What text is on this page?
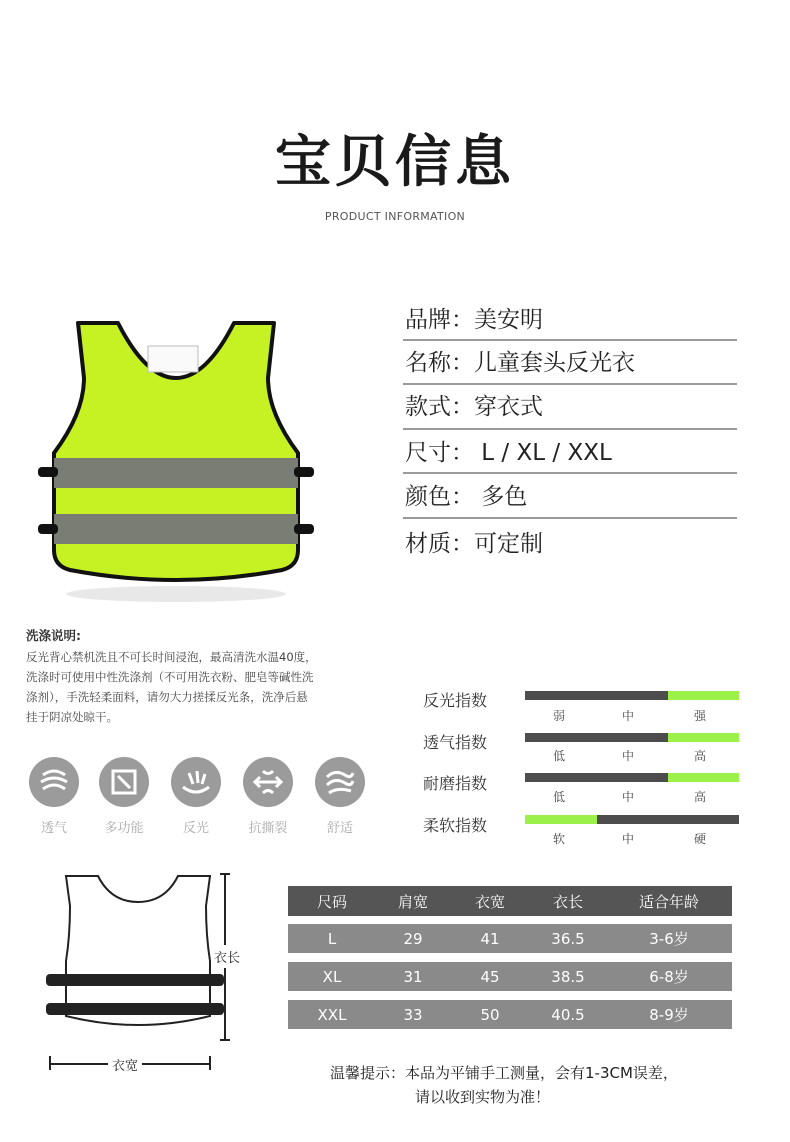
宝贝信息
PRODUCT INFORMATION
品牌：美安明
名称：儿童套头反光衣
款式：穿衣式
尺寸： L / XL / XXL
颜色： 多色
材质：可定制
洗涤说明:
反光背心禁机洗且不可长时间浸泡，最高清洗水温40度，
洗涤时可使用中性洗涤剂（不可用洗衣粉、肥皂等碱性洗
涤剂），手洗轻柔面料，请勿大力搓揉反光条，洗净后悬
挂于阴凉处晾干。
透气	多功能	反光	抗撕裂	舒适
反光指数
弱	中	强
透气指数
低	中	高
耐磨指数
低	中	高
柔软指数
软	中	硬
衣长
衣宽
尺码	肩宽	衣宽	衣长	适合年龄
L	29	41	36.5	3-6岁
XL	31	45	38.5	6-8岁
XXL	33	50	40.5	8-9岁
温馨提示：本品为平铺手工测量，会有1-3CM误差，
请以收到实物为准！
